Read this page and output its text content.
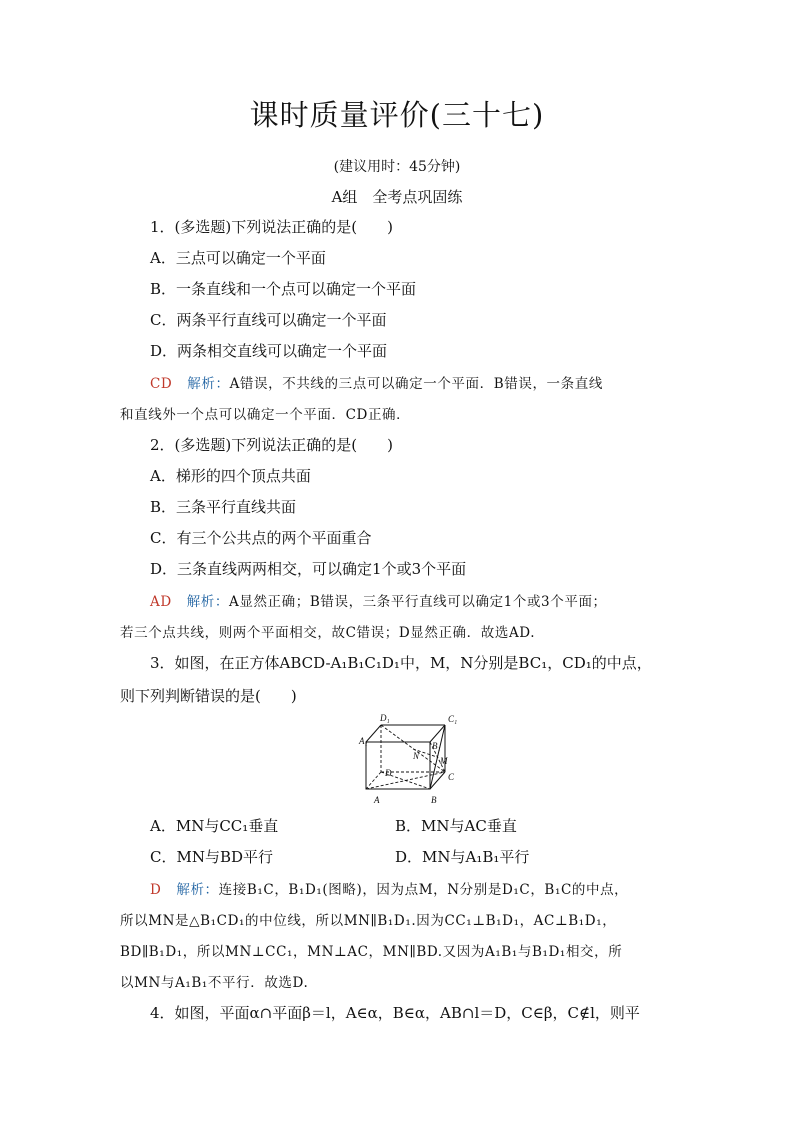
课时质量评价(三十七)
(建议用时：45分钟)
A组　全考点巩固练
1．(多选题)下列说法正确的是(　　)
A．三点可以确定一个平面
B．一条直线和一个点可以确定一个平面
C．两条平行直线可以确定一个平面
D．两条相交直线可以确定一个平面
CD 解析：A错误，不共线的三点可以确定一个平面．B错误，一条直线
和直线外一个点可以确定一个平面．CD正确．
2．(多选题)下列说法正确的是(　　)
A．梯形的四个顶点共面
B．三条平行直线共面
C．有三个公共点的两个平面重合
D．三条直线两两相交，可以确定1个或3个平面
AD 解析：A显然正确；B错误，三条平行直线可以确定1个或3个平面；
若三个点共线，则两个平面相交，故C错误；D显然正确．故选AD.
3．如图，在正方体ABCD-A₁B₁C₁D₁中，M，N分别是BC₁，CD₁的中点，
则下列判断错误的是(　　)
D₁	C₁
A₁	B₁
N M
D	C
A	B
A．MN与CC₁垂直	B．MN与AC垂直
C．MN与BD平行	D．MN与A₁B₁平行
D 解析：连接B₁C，B₁D₁(图略)，因为点M，N分别是D₁C，B₁C的中点，
所以MN是△B₁CD₁的中位线，所以MN∥B₁D₁.因为CC₁⊥B₁D₁，AC⊥B₁D₁，
BD∥B₁D₁，所以MN⊥CC₁，MN⊥AC，MN∥BD.又因为A₁B₁与B₁D₁相交，所
以MN与A₁B₁不平行．故选D.
4．如图，平面α∩平面β＝l，A∈α，B∈α，AB∩l＝D，C∈β，C∉l，则平
